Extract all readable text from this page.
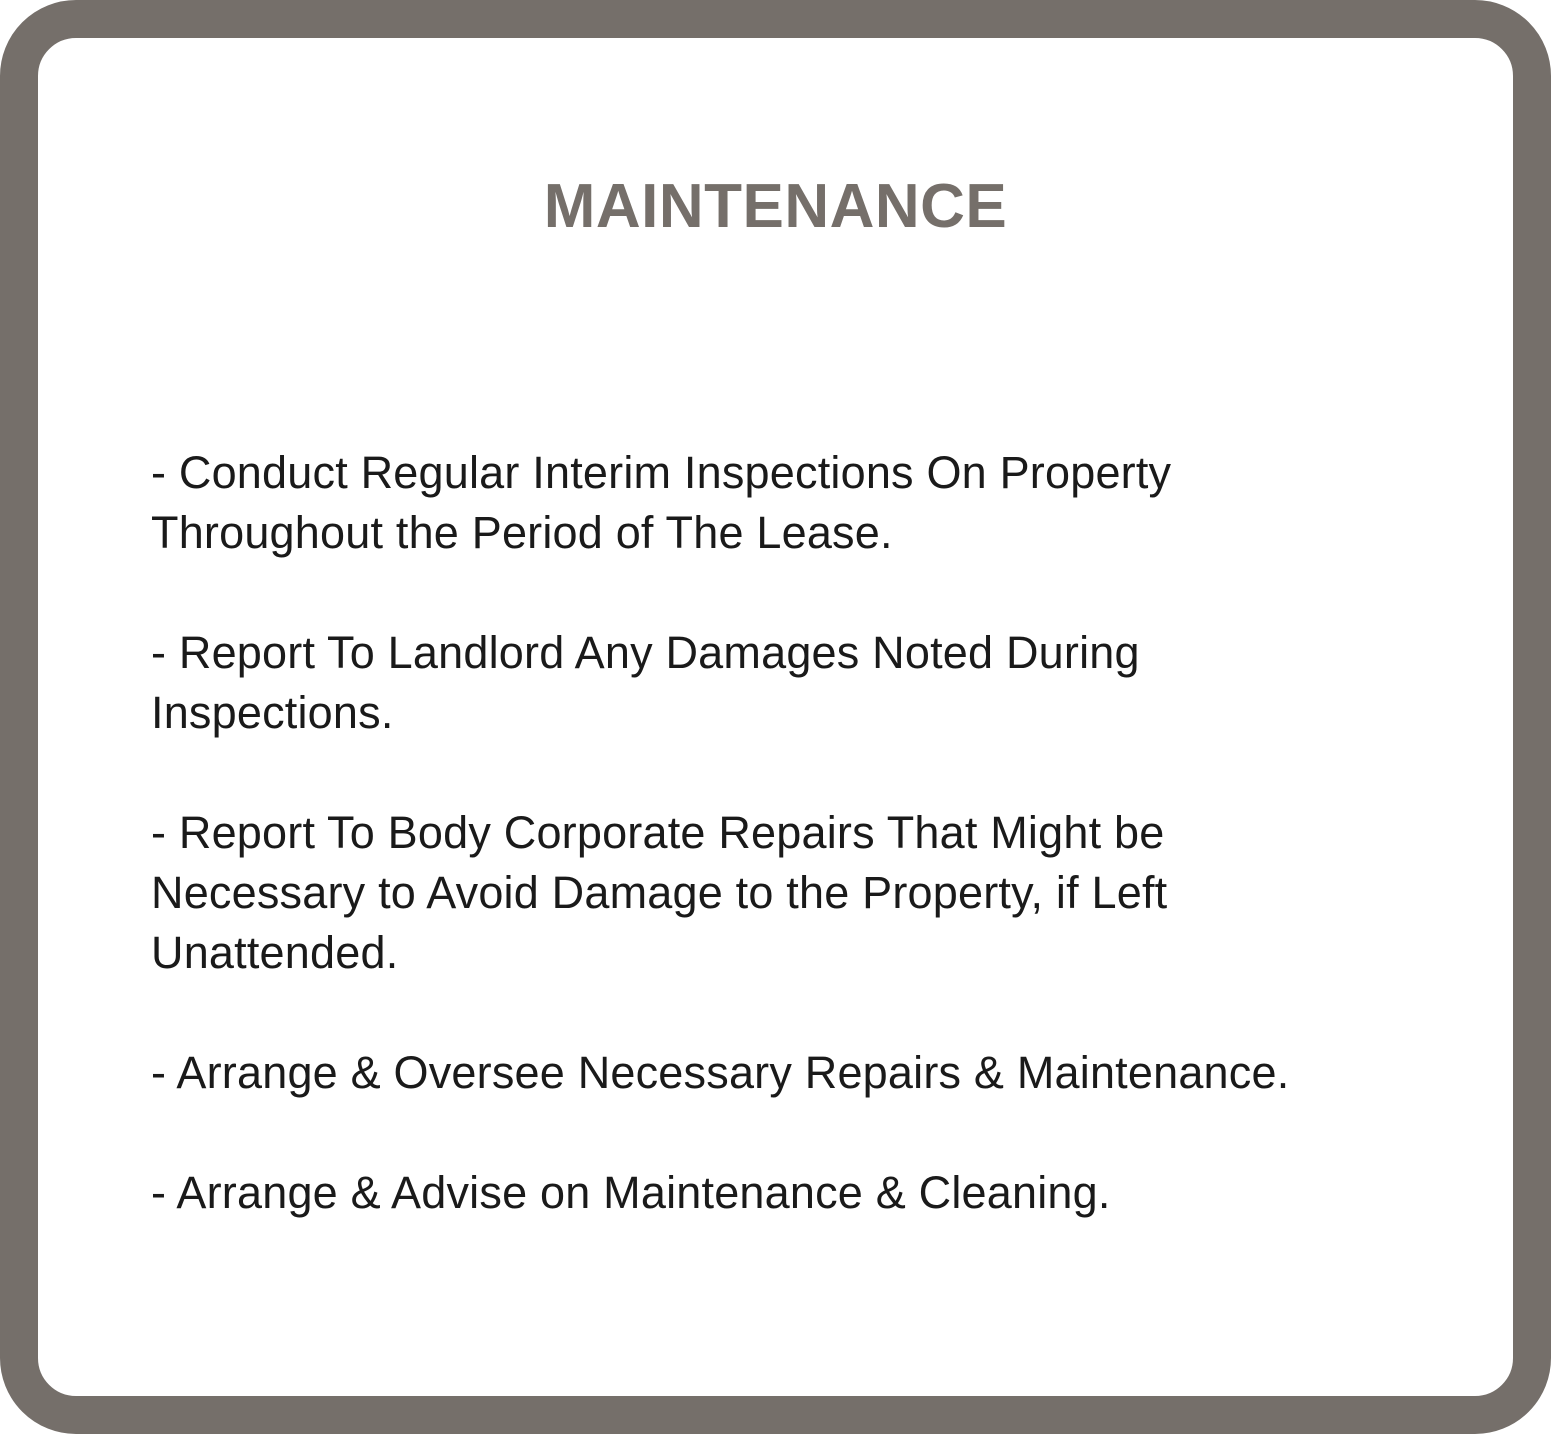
MAINTENANCE
- Conduct Regular Interim Inspections On Property
Throughout the Period of The Lease.
- Report To Landlord Any Damages Noted During
Inspections.
- Report To Body Corporate Repairs That Might be
Necessary to Avoid Damage to the Property, if Left
Unattended.
- Arrange & Oversee Necessary Repairs & Maintenance.
- Arrange & Advise on Maintenance & Cleaning.
